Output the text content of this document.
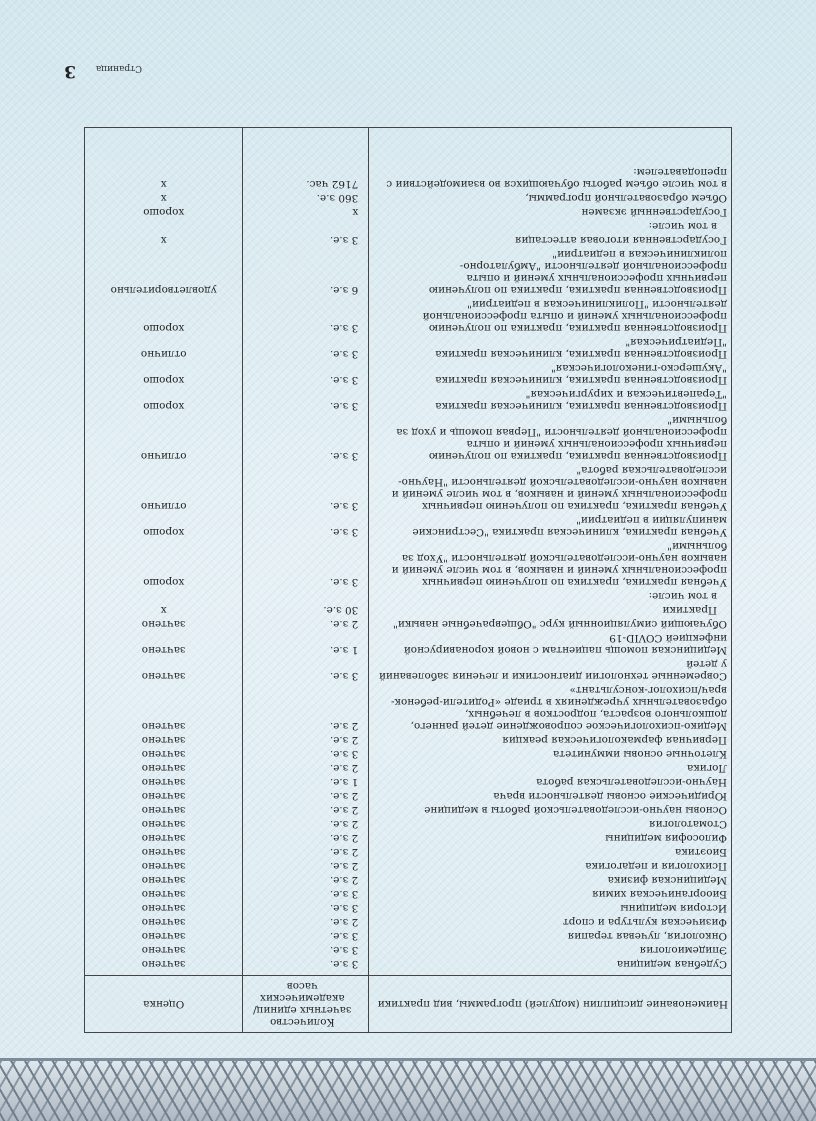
Наименование дисциплин (модулей) программы, вид практики	Количество зачетных единиц/ академических часов	Оценка
Судебная медицина	3 з.е.	зачтено
Эпидемиология	3 з.е.	зачтено
Онкология, лучевая терапия	3 з.е.	зачтено
Физическая культура и спорт	2 з.е.	зачтено
История медицины	3 з.е.	зачтено
Биоорганическая химия	3 з.е.	зачтено
Медицинская физика	2 з.е.	зачтено
Психология и педагогика	2 з.е.	зачтено
Биоэтика	2 з.е.	зачтено
Философия медицины	2 з.е.	зачтено
Стоматология	2 з.е.	зачтено
Основы научно-исследовательской работы в медицине	2 з.е.	зачтено
Юридические основы деятельности врача	2 з.е.	зачтено
Научно-исследовательская работа	1 з.е.	зачтено
Логика	2 з.е.	зачтено
Клеточные основы иммунитета	3 з.е.	зачтено
Первичная фармакологическая реакция	2 з.е.	зачтено
Медико-психологическое сопровождение детей раннего, дошкольного возраста, подростков в лечебных, образовательных учреждениях в триаде «Родители-ребенок-врач/психолог-консультант»	2 з.е.	зачтено
Современные технологии диагностики и лечения заболеваний у детей	3 з.е.	зачтено
Медицинская помощь пациентам с новой коронавирусной инфекцией COVID-19	1 з.е.	зачтено
Обучающий симуляционный курс "Общеврачебные навыки"	2 з.е.	зачтено
Практики	30 з.е.	x
в том числе:		
Учебная практика, практика по получению первичных профессиональных умений и навыков, в том числе умений и навыков научно-исследовательской деятельности "Уход за больными"	3 з.е.	хорошо
Учебная практика, клиническая практика "Сестринские манипуляции в педиатрии"	3 з.е.	хорошо
Учебная практика, практика по получению первичных профессиональных умений и навыков, в том числе умений и навыков научно-исследовательской деятельности "Научно-исследовательская работа"	3 з.е.	отлично
Производственная практика, практика по получению первичных профессиональных умений и опыта профессиональной деятельности "Первая помощь и уход за больными"	3 з.е.	отлично
Производственная практика, клиническая практика "Терапевтическая и хирургическая"	3 з.е.	хорошо
Производственная практика, клиническая практика "Акушерско-гинекологическая"	3 з.е.	хорошо
Производственная практика, клиническая практика "Педиатрическая"	3 з.е.	отлично
Производственная практика, практика по получению профессиональных умений и опыта профессиональной деятельности "Поликлиническая в педиатрии"	3 з.е.	хорошо
Производственная практика, практика по получению первичных профессиональных умений и опыта профессиональной деятельности "Амбулаторно-поликлиническая в педиатрии"	6 з.е.	удовлетворительно
Государственная итоговая аттестация	3 з.е.	x
в том числе:		
Государственный экзамен	x	хорошо
Объем образовательной программы,	360 з.е.	x
в том числе объем работы обучающихся во взаимодействии с преподавателем:	7162 час.	x
Страница
3
